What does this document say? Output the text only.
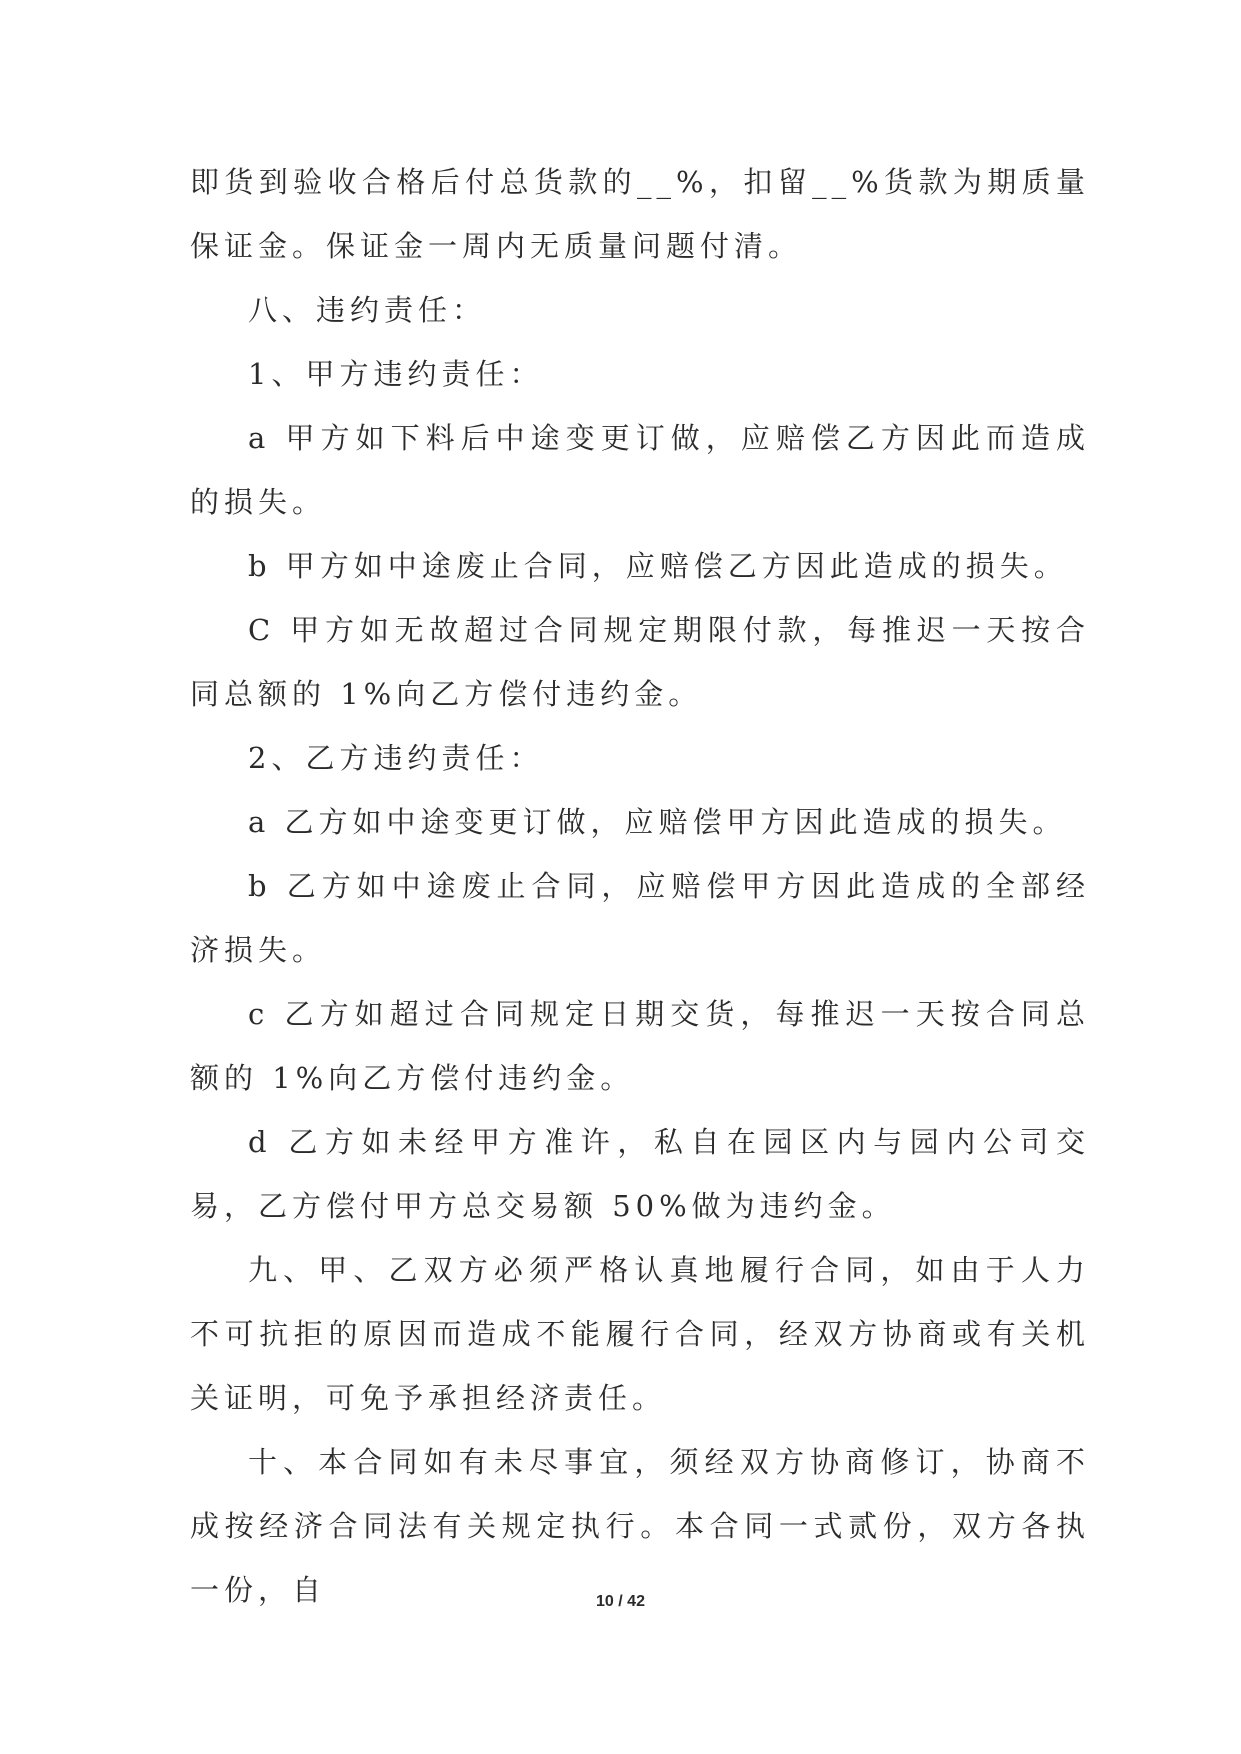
即货到验收合格后付总货款的__%，扣留__%货款为期质量保证金。保证金一周内无质量问题付清。

八、违约责任：

1、甲方违约责任：

a 甲方如下料后中途变更订做，应赔偿乙方因此而造成的损失。

b 甲方如中途废止合同，应赔偿乙方因此造成的损失。

C 甲方如无故超过合同规定期限付款，每推迟一天按合同总额的 1%向乙方偿付违约金。

2、乙方违约责任：

a 乙方如中途变更订做，应赔偿甲方因此造成的损失。

b 乙方如中途废止合同，应赔偿甲方因此造成的全部经济损失。

c 乙方如超过合同规定日期交货，每推迟一天按合同总额的 1%向乙方偿付违约金。

d 乙方如未经甲方准许，私自在园区内与园内公司交易，乙方偿付甲方总交易额 50%做为违约金。

九、甲、乙双方必须严格认真地履行合同，如由于人力不可抗拒的原因而造成不能履行合同，经双方协商或有关机关证明，可免予承担经济责任。

十、本合同如有未尽事宜，须经双方协商修订，协商不成按经济合同法有关规定执行。本合同一式贰份，双方各执一份，自	10 / 42
